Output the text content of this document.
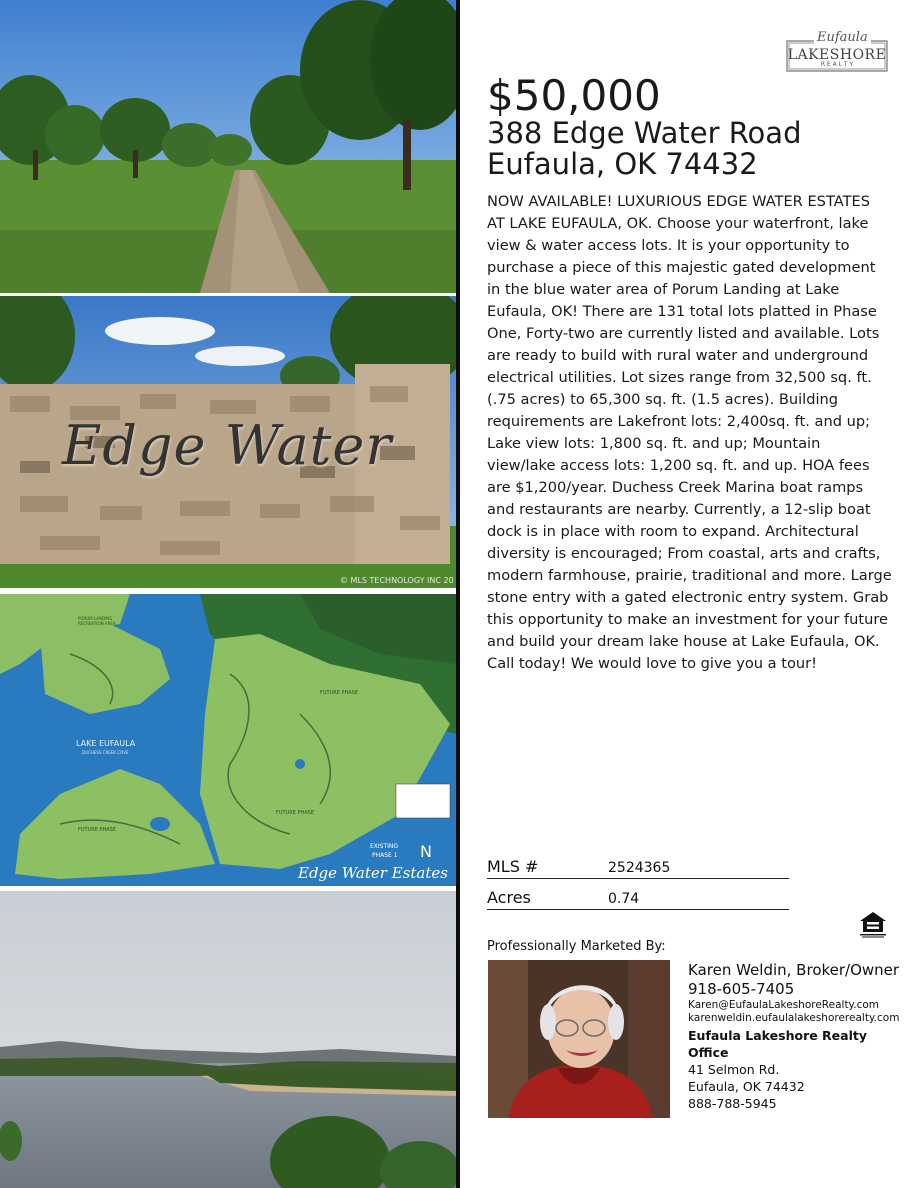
Edge Water
© MLS TECHNOLOGY INC 20
LAKE EUFAULA
DUCHESS CREEK COVE
PORUM LANDING RECREATION AREA
FUTURE PHASE
FUTURE PHASE
FUTURE PHASE
EXISTING
PHASE 1 N
Edge Water Estates
Eufaula
LAKESHORE
R E A L T Y
$50,000
388 Edge Water Road
Eufaula, OK 74432
NOW AVAILABLE! LUXURIOUS EDGE WATER ESTATES AT LAKE EUFAULA, OK. Choose your waterfront, lake view & water access lots. It is your opportunity to purchase a piece of this majestic gated development in the blue water area of Porum Landing at Lake Eufaula, OK! There are 131 total lots platted in Phase One, Forty-two are currently listed and available. Lots are ready to build with rural water and underground electrical utilities. Lot sizes range from 32,500 sq. ft. (.75 acres) to 65,300 sq. ft. (1.5 acres). Building requirements are Lakefront lots: 2,400sq. ft. and up; Lake view lots: 1,800 sq. ft. and up; Mountain view/lake access lots: 1,200 sq. ft. and up. HOA fees are $1,200/year. Duchess Creek Marina boat ramps and restaurants are nearby. Currently, a 12-slip boat dock is in place with room to expand. Architectural diversity is encouraged; From coastal, arts and crafts, modern farmhouse, prairie, traditional and more. Large stone entry with a gated electronic entry system. Grab this opportunity to make an investment for your future and build your dream lake house at Lake Eufaula, OK. Call today! We would love to give you a tour!
MLS #	2524365
Acres	0.74
Professionally Marketed By:
Karen Weldin, Broker/Owner
918-605-7405
Karen@EufaulaLakeshoreRealty.com
karenweldin.eufaulalakeshorerealty.com
Eufaula Lakeshore Realty Office
41 Selmon Rd.
Eufaula, OK 74432
888-788-5945
